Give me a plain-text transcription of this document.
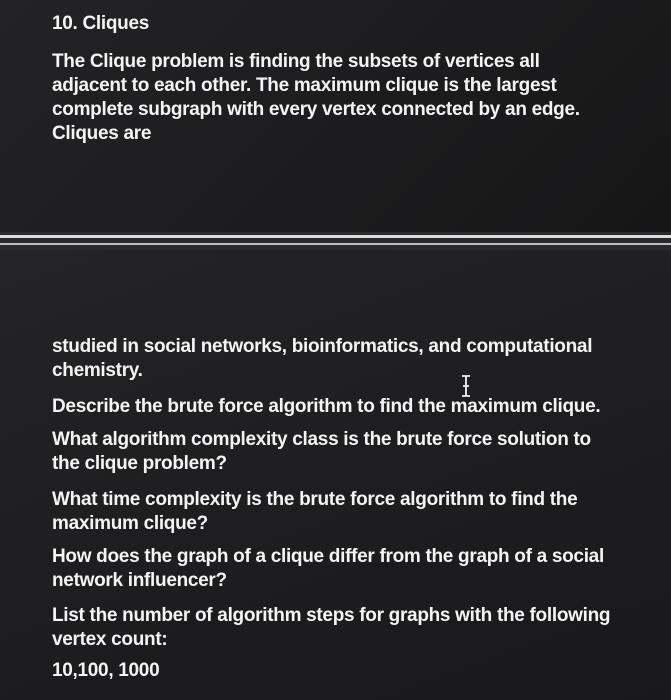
10. Cliques

The Clique problem is finding the subsets of vertices all adjacent to each other. The maximum clique is the largest complete subgraph with every vertex connected by an edge. Cliques are

studied in social networks, bioinformatics, and computational chemistry.

Describe the brute force algorithm to find the maximum clique.

What algorithm complexity class is the brute force solution to the clique problem?

What time complexity is the brute force algorithm to find the maximum clique?

How does the graph of a clique differ from the graph of a social network influencer?

List the number of algorithm steps for graphs with the following vertex count:

10,100, 1000
